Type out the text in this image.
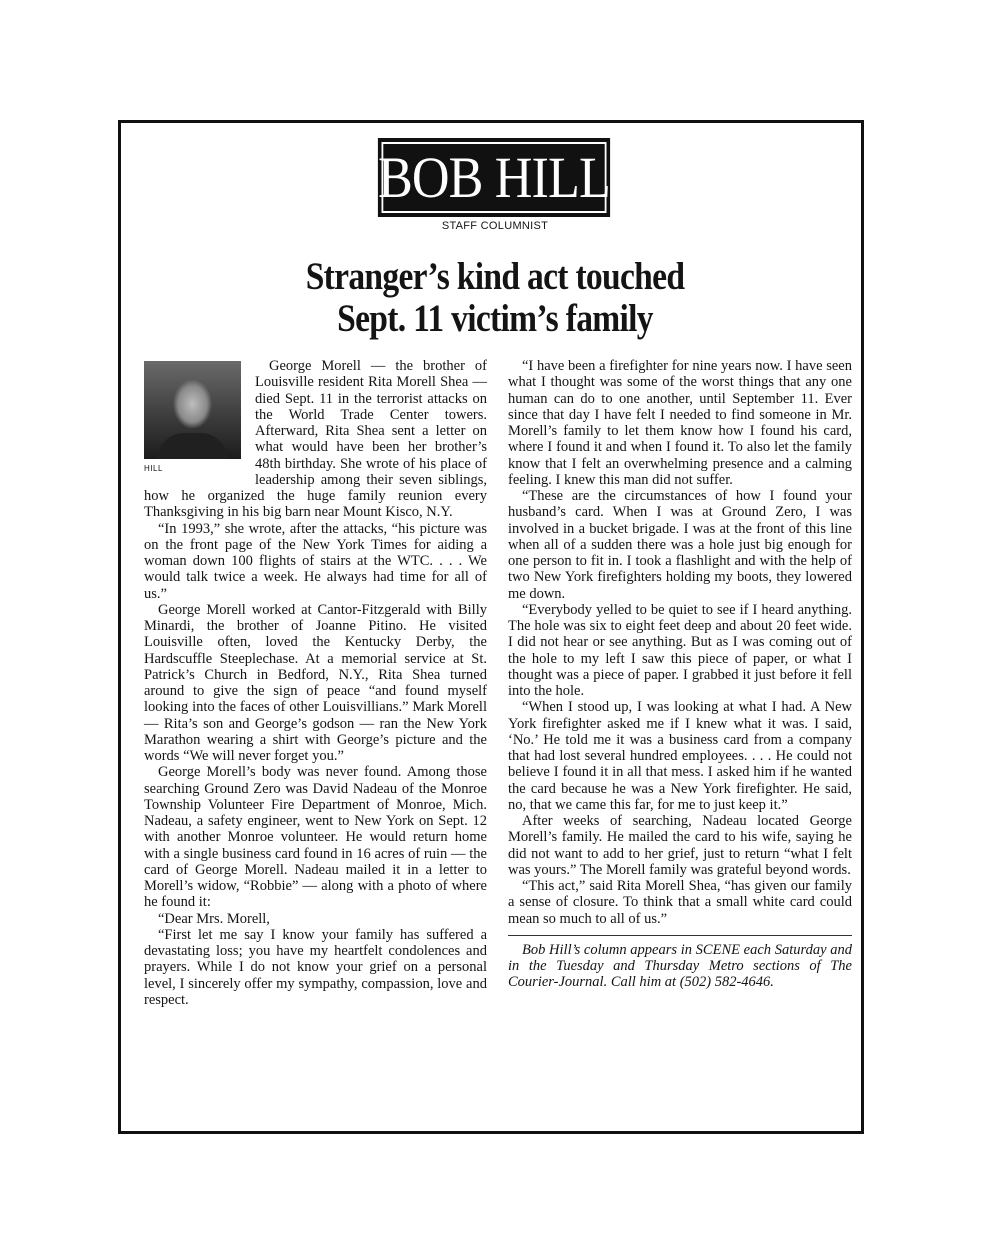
BOB HILL
STAFF COLUMNIST
Stranger’s kind act touched
Sept. 11 victim’s family
HILL

George Morell — the brother of Louisville resident Rita Morell Shea — died Sept. 11 in the terrorist attacks on the World Trade Center towers. Afterward, Rita Shea sent a letter on what would have been her brother’s 48th birthday. She wrote of his place of leadership among their seven siblings, how he organized the huge family reunion every Thanksgiving in his big barn near Mount Kisco, N.Y.

“In 1993,” she wrote, after the attacks, “his picture was on the front page of the New York Times for aiding a woman down 100 flights of stairs at the WTC. . . . We would talk twice a week. He always had time for all of us.”

George Morell worked at Cantor-Fitzgerald with Billy Minardi, the brother of Joanne Pitino. He visited Louisville often, loved the Kentucky Derby, the Hardscuffle Steeplechase. At a memorial service at St. Patrick’s Church in Bedford, N.Y., Rita Shea turned around to give the sign of peace “and found myself looking into the faces of other Louisvillians.” Mark Morell — Rita’s son and George’s godson — ran the New York Marathon wearing a shirt with George’s picture and the words “We will never forget you.”

George Morell’s body was never found. Among those searching Ground Zero was David Nadeau of the Monroe Township Volunteer Fire Department of Monroe, Mich. Nadeau, a safety engineer, went to New York on Sept. 12 with another Monroe volunteer. He would return home with a single business card found in 16 acres of ruin — the card of George Morell. Nadeau mailed it in a letter to Morell’s widow, “Robbie” — along with a photo of where he found it:

“Dear Mrs. Morell,

“First let me say I know your family has suffered a devastating loss; you have my heartfelt condolences and prayers. While I do not know your grief on a personal level, I sincerely offer my sympathy, compassion, love and respect.

“I have been a firefighter for nine years now. I have seen what I thought was some of the worst things that any one human can do to one another, until September 11. Ever since that day I have felt I needed to find someone in Mr. Morell’s family to let them know how I found his card, where I found it and when I found it. To also let the family know that I felt an overwhelming presence and a calming feeling. I knew this man did not suffer.

“These are the circumstances of how I found your husband’s card. When I was at Ground Zero, I was involved in a bucket brigade. I was at the front of this line when all of a sudden there was a hole just big enough for one person to fit in. I took a flashlight and with the help of two New York firefighters holding my boots, they lowered me down.

“Everybody yelled to be quiet to see if I heard anything. The hole was six to eight feet deep and about 20 feet wide. I did not hear or see anything. But as I was coming out of the hole to my left I saw this piece of paper, or what I thought was a piece of paper. I grabbed it just before it fell into the hole.

“When I stood up, I was looking at what I had. A New York firefighter asked me if I knew what it was. I said, ‘No.’ He told me it was a business card from a company that had lost several hundred employees. . . . He could not believe I found it in all that mess. I asked him if he wanted the card because he was a New York firefighter. He said, no, that we came this far, for me to just keep it.”

After weeks of searching, Nadeau located George Morell’s family. He mailed the card to his wife, saying he did not want to add to her grief, just to return “what I felt was yours.” The Morell family was grateful beyond words.

“This act,” said Rita Morell Shea, “has given our family a sense of closure. To think that a small white card could mean so much to all of us.”

Bob Hill’s column appears in SCENE each Saturday and in the Tuesday and Thursday Metro sections of The Courier-Journal. Call him at (502) 582-4646.
